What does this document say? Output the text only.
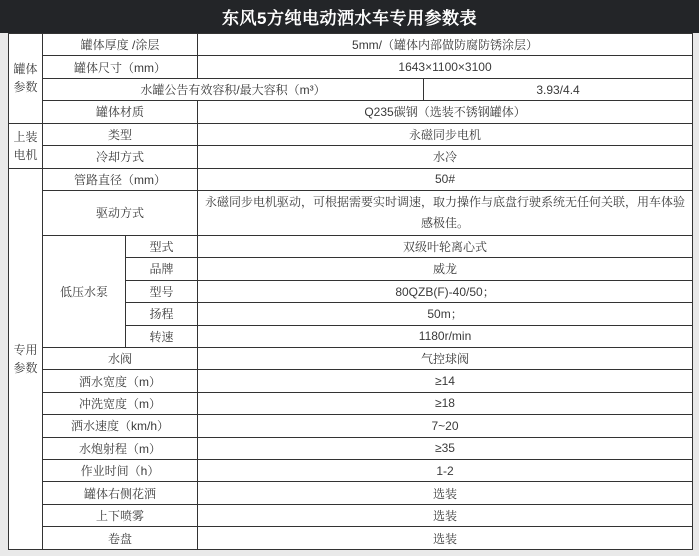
东风5方纯电动洒水车专用参数表
罐体参数	罐体厚度 /涂层		5mm/（罐体内部做防腐防锈涂层）	
	罐体尺寸（mm）		1643×1100×3100	
	水罐公告有效容积/最大容积（m³）			3.93/4.4
	罐体材质		Q235碳钢（选装不锈钢罐体）	
上装电机	类型		永磁同步电机	
	冷却方式		水冷	
专用参数	管路直径（mm）		50#	
	驱动方式		永磁同步电机驱动，可根据需要实时调速，取力操作与底盘行驶系统无任何关联，用车体验感极佳。	
	低压水泵	型式	双级叶轮离心式	
		品牌	威龙	
		型号	80QZB(F)-40/50；	
		扬程	50m；	
		转速	1180r/min	
	水阀		气控球阀	
	洒水宽度（m）		≥14	
	冲洗宽度（m）		≥18	
	洒水速度（km/h）		7~20	
	水炮射程（m）		≥35	
	作业时间（h）		1-2	
	罐体右侧花洒		选装	
	上下喷雾		选装	
	卷盘		选装	
